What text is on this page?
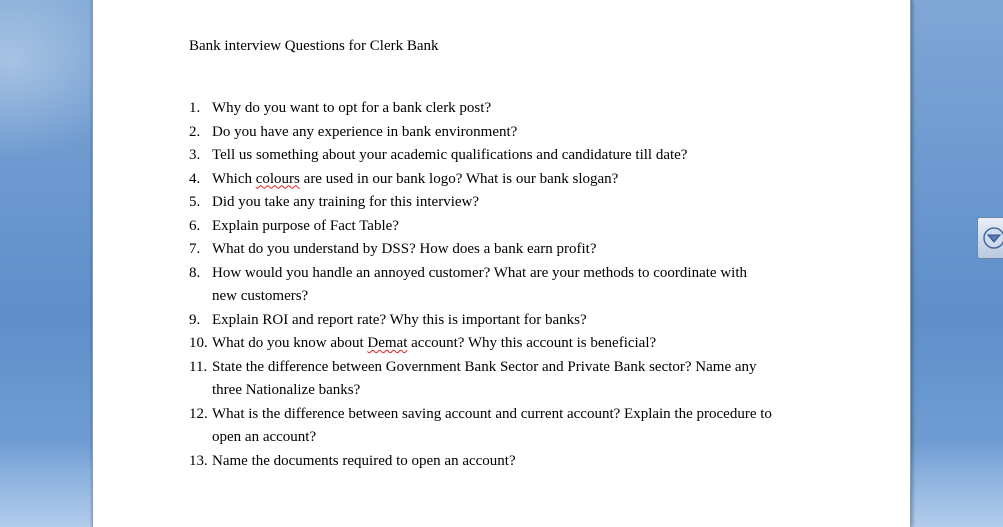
Bank interview Questions for Clerk Bank
1. Why do you want to opt for a bank clerk post?
2. Do you have any experience in bank environment?
3. Tell us something about your academic qualifications and candidature till date?
4. Which colours are used in our bank logo? What is our bank slogan?
5. Did you take any training for this interview?
6. Explain purpose of Fact Table?
7. What do you understand by DSS? How does a bank earn profit?
8. How would you handle an annoyed customer? What are your methods to coordinate with
new customers?
9. Explain ROI and report rate? Why this is important for banks?
10. What do you know about Demat account? Why this account is beneficial?
11. State the difference between Government Bank Sector and Private Bank sector? Name any
three Nationalize banks?
12. What is the difference between saving account and current account? Explain the procedure to
open an account?
13. Name the documents required to open an account?
